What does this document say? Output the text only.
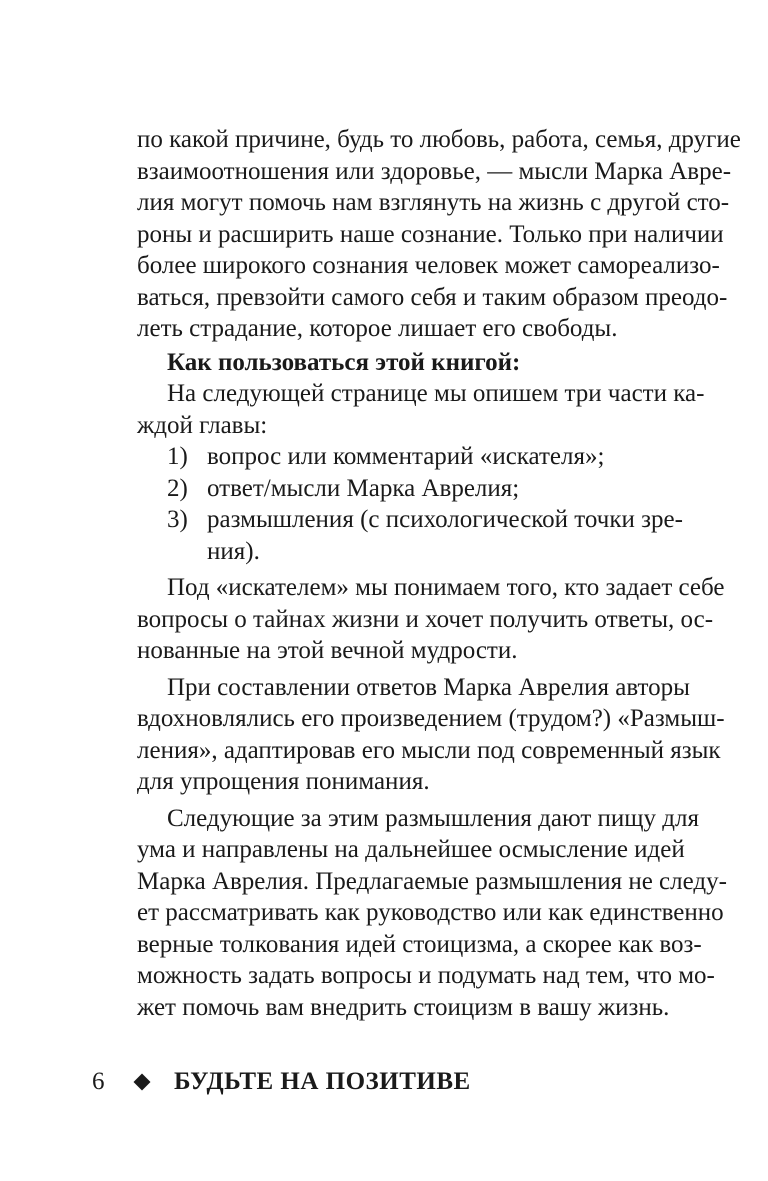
по какой причине, будь то любовь, работа, семья, другие
взаимоотношения или здоровье, — мысли Марка Авре-
лия могут помочь нам взглянуть на жизнь с другой сто-
роны и расширить наше сознание. Только при наличии
более широкого сознания человек может самореализо-
ваться, превзойти самого себя и таким образом преодо-
леть страдание, которое лишает его свободы.
Как пользоваться этой книгой:
На следующей странице мы опишем три части ка-
ждой главы:
1) вопрос или комментарий «искателя»;
2) ответ/мысли Марка Аврелия;
3) размышления (с психологической точки зре-
ния).
Под «искателем» мы понимаем того, кто задает себе
вопросы о тайнах жизни и хочет получить ответы, ос-
нованные на этой вечной мудрости.
При составлении ответов Марка Аврелия авторы
вдохновлялись его произведением (трудом?) «Размыш-
ления», адаптировав его мысли под современный язык
для упрощения понимания.
Следующие за этим размышления дают пищу для
ума и направлены на дальнейшее осмысление идей
Марка Аврелия. Предлагаемые размышления не следу-
ет рассматривать как руководство или как единственно
верные толкования идей стоицизма, а скорее как воз-
можность задать вопросы и подумать над тем, что мо-
жет помочь вам внедрить стоицизм в вашу жизнь.
6	БУДЬТЕ НА ПОЗИТИВЕ
